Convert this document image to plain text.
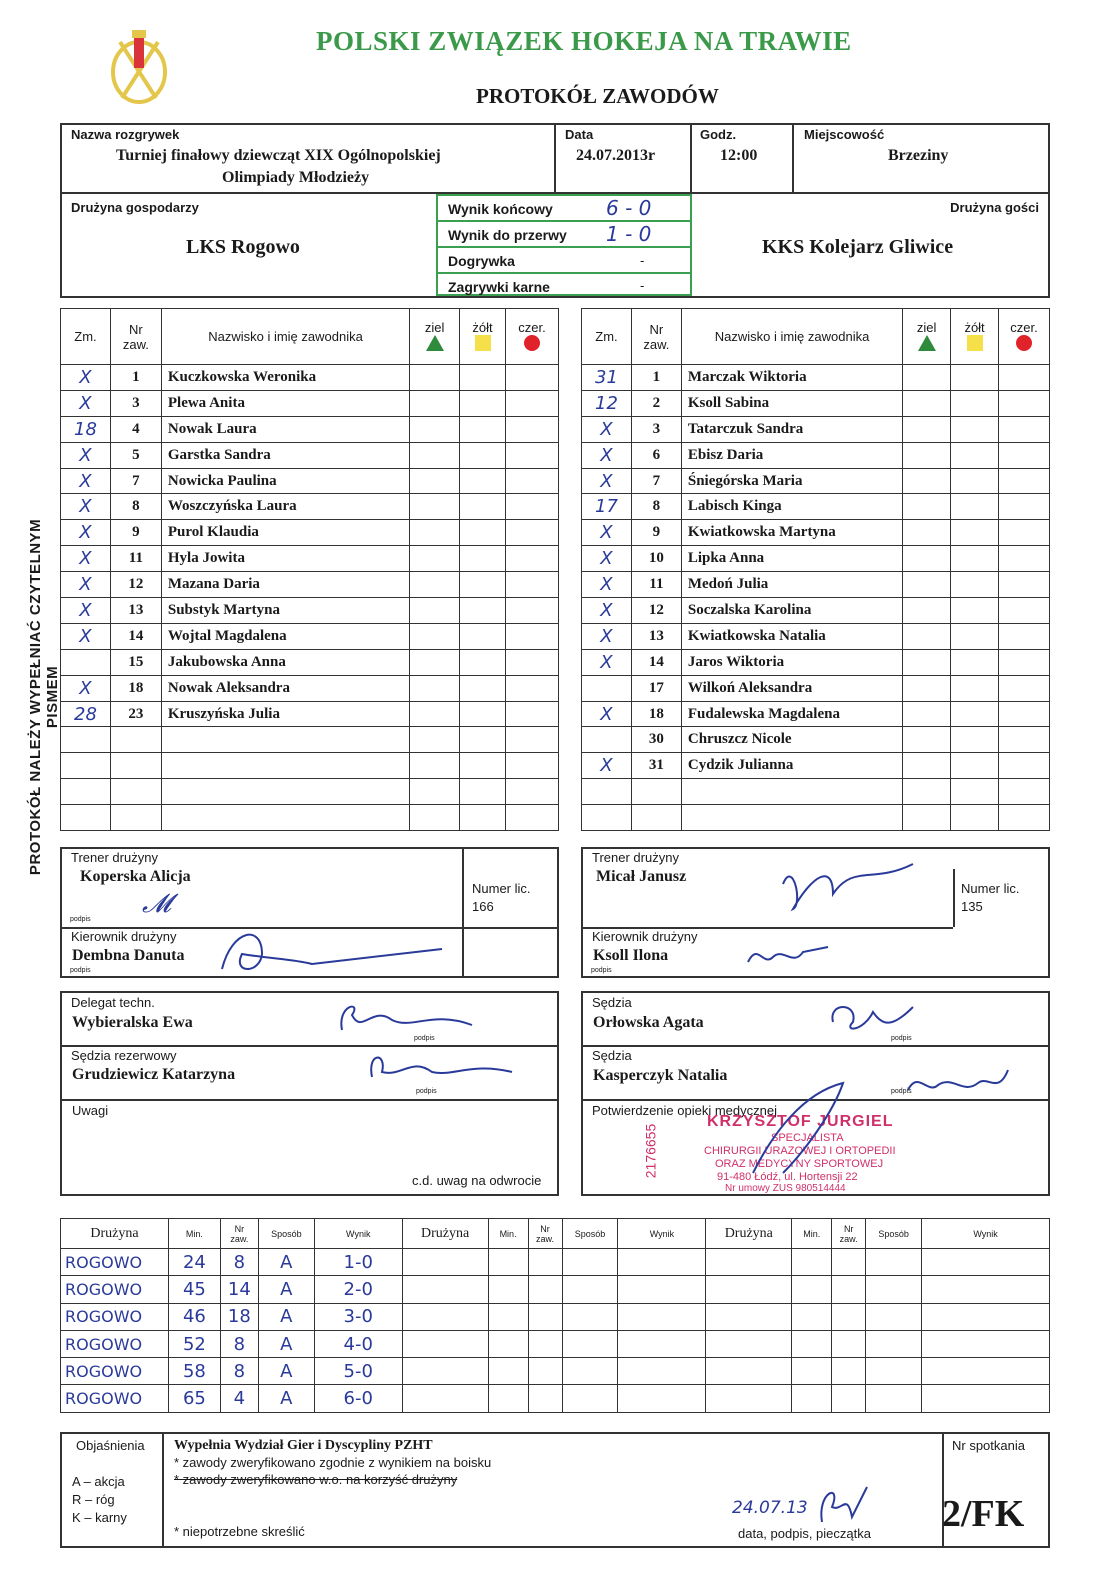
POLSKI ZWIĄZEK HOKEJA NA TRAWIE
PROTOKÓŁ ZAWODÓW
PROTOKÓŁ NALEŻY WYPEŁNIAĆ CZYTELNYM PISMEM
Nazwa rozgrywek
Turniej finałowy dziewcząt XIX Ogólnopolskiej
Olimpiady Młodzieży
Data
24.07.2013r
Godz.
12:00
Miejscowość
Brzeziny
Drużyna gospodarzy
LKS Rogowo
Drużyna gości
KKS Kolejarz Gliwice
Wynik końcowy	6 - 0
Wynik do przerwy 1 - 0
Dogrywka	-
Zagrywki karne	-
Zm.	Nr zaw.	Nazwisko i imię zawodnika	ziel	żółt	czer.

X	1	Kuczkowska Weronika			
X	3	Plewa Anita			
18	4	Nowak Laura			
X	5	Garstka Sandra			
X	7	Nowicka Paulina			
X	8	Woszczyńska Laura			
X	9	Purol Klaudia			
X	11	Hyla Jowita			
X	12	Mazana Daria			
X	13	Substyk Martyna			
X	14	Wojtal Magdalena			
	15	Jakubowska Anna			
X	18	Nowak Aleksandra			
28	23	Kruszyńska Julia			

Zm.	Nr zaw.	Nazwisko i imię zawodnika	ziel	żółt	czer.

31	1	Marczak Wiktoria			
12	2	Ksoll Sabina			
X	3	Tatarczuk Sandra			
X	6	Ebisz Daria			
X	7	Śniegórska Maria			
17	8	Labisch Kinga			
X	9	Kwiatkowska Martyna			
X	10	Lipka Anna			
X	11	Medoń Julia			
X	12	Soczalska Karolina			
X	13	Kwiatkowska Natalia			
X	14	Jaros Wiktoria			
	17	Wilkoń Aleksandra			
X	18	Fudalewska Magdalena			
	30	Chruszcz Nicole			
X	31	Cydzik Julianna			

Trener drużyny
Koperska Alicja
𝓜
podpis
Numer lic.
166
Kierownik drużyny
Dembna Danuta
podpis
Trener drużyny
Micał Janusz
Numer lic.
135
Kierownik drużyny
Ksoll Ilona
podpis
Delegat techn.
Wybieralska Ewa
podpis
Sędzia rezerwowy
Grudziewicz Katarzyna
podpis
Uwagi
c.d. uwag na odwrocie
Sędzia
Orłowska Agata
podpis
Sędzia
Kasperczyk Natalia
podpis
Potwierdzenie opieki medycznej
2176655
KRZYSZTOF JURGIEL
SPECJALISTA
CHIRURGII URAZOWEJ I ORTOPEDII
ORAZ MEDYCYNY SPORTOWEJ
91-480 Łódź, ul. Hortensji 22
Nr umowy ZUS 980514444
Drużyna	Min.	Nr zaw.	Sposób	Wynik	Drużyna	Min.	Nr zaw.	Sposób	Wynik	Drużyna	Min.	Nr zaw.	Sposób	Wynik
ROGOWO	24	8	A	1-0										
ROGOWO	45	14	A	2-0										
ROGOWO	46	18	A	3-0										
ROGOWO	52	8	A	4-0										
ROGOWO	58	8	A	5-0										
ROGOWO	65	4	A	6-0										
Objaśnienia
A – akcja
R – róg
K – karny
Wypełnia Wydział Gier i Dyscypliny PZHT
* zawody zweryfikowano zgodnie z wynikiem na boisku
* zawody zweryfikowano w.o. na korzyść drużyny
* niepotrzebne skreślić
24.07.13
data, podpis, pieczątka
Nr spotkania
2/FK
